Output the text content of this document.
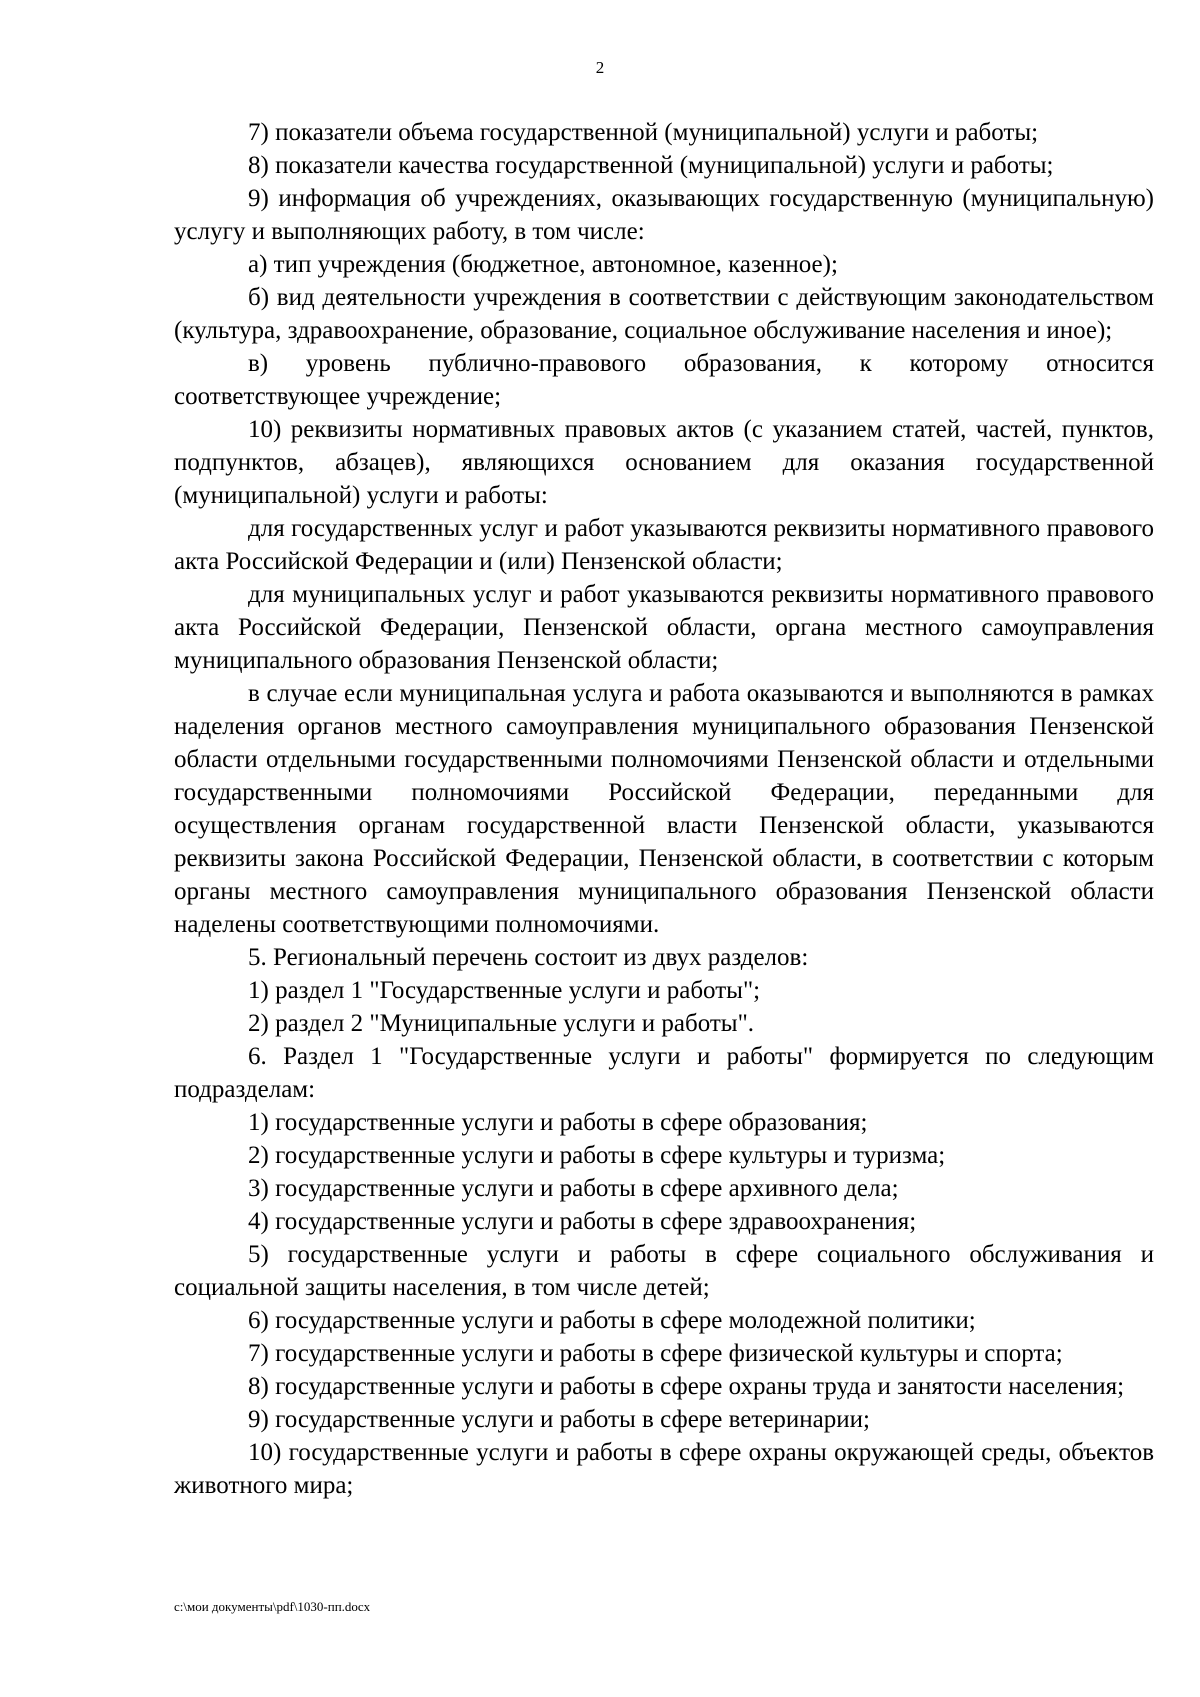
2

7) показатели объема государственной (муниципальной) услуги и работы;

8) показатели качества государственной (муниципальной) услуги и работы;

9) информация об учреждениях, оказывающих государственную (муниципальную) услугу и выполняющих работу, в том числе:

а) тип учреждения (бюджетное, автономное, казенное);

б) вид деятельности учреждения в соответствии с действующим законодательством (культура, здравоохранение, образование, социальное обслуживание населения и иное);

в) уровень публично-правового образования, к которому относится соответствующее учреждение;

10) реквизиты нормативных правовых актов (с указанием статей, частей, пунктов, подпунктов, абзацев), являющихся основанием для оказания государственной (муниципальной) услуги и работы:

для государственных услуг и работ указываются реквизиты нормативного правового акта Российской Федерации и (или) Пензенской области;

для муниципальных услуг и работ указываются реквизиты нормативного правового акта Российской Федерации, Пензенской области, органа местного самоуправления муниципального образования Пензенской области;

в случае если муниципальная услуга и работа оказываются и выполняются в рамках наделения органов местного самоуправления муниципального образования Пензенской области отдельными государственными полномочиями Пензенской области и отдельными государственными полномочиями Российской Федерации, переданными для осуществления органам государственной власти Пензенской области, указываются реквизиты закона Российской Федерации, Пензенской области, в соответствии с которым органы местного самоуправления муниципального образования Пензенской области наделены соответствующими полномочиями.

5. Региональный перечень состоит из двух разделов:

1) раздел 1 "Государственные услуги и работы";

2) раздел 2 "Муниципальные услуги и работы".

6. Раздел 1 "Государственные услуги и работы" формируется по следующим подразделам:

1) государственные услуги и работы в сфере образования;

2) государственные услуги и работы в сфере культуры и туризма;

3) государственные услуги и работы в сфере архивного дела;

4) государственные услуги и работы в сфере здравоохранения;

5) государственные услуги и работы в сфере социального обслуживания и социальной защиты населения, в том числе детей;

6) государственные услуги и работы в сфере молодежной политики;

7) государственные услуги и работы в сфере физической культуры и спорта;

8) государственные услуги и работы в сфере охраны труда и занятости населения;

9) государственные услуги и работы в сфере ветеринарии;

10) государственные услуги и работы в сфере охраны окружающей среды, объектов животного мира;

c:\мои документы\pdf\1030-пп.docx
